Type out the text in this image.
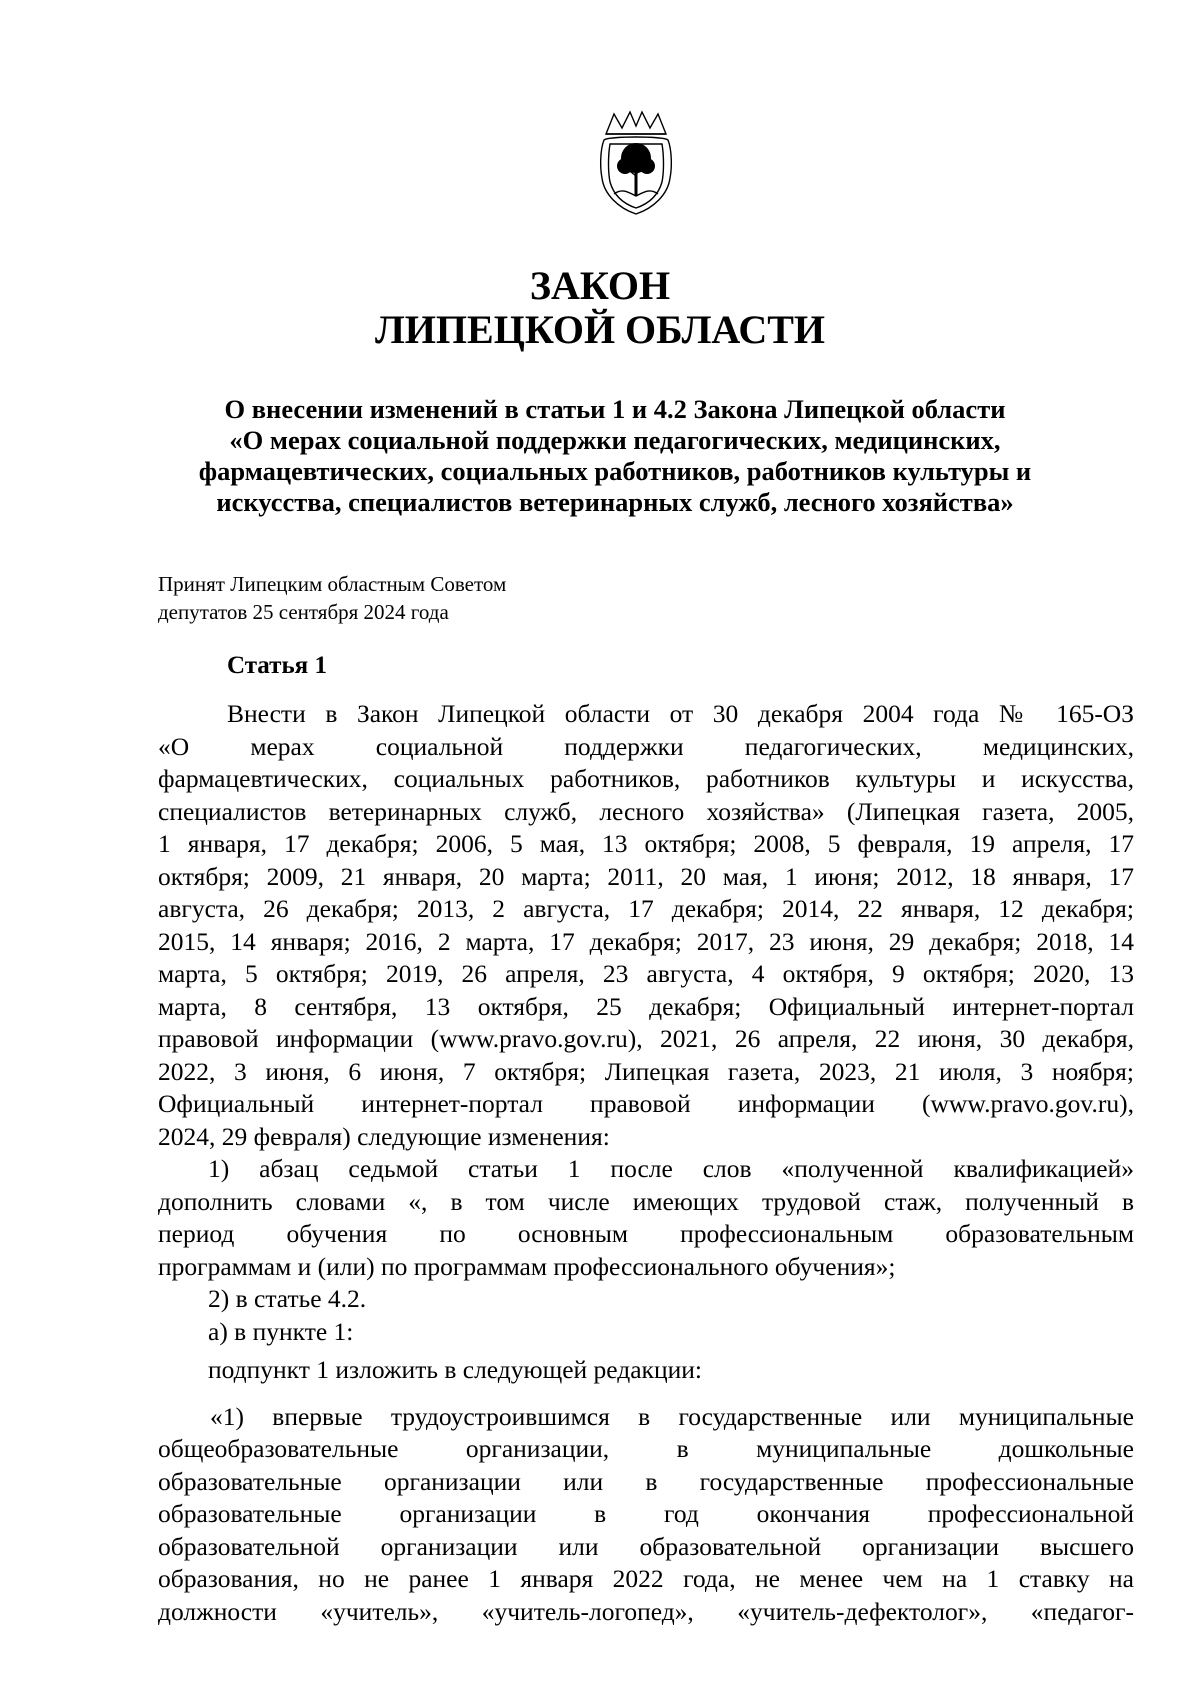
ЗАКОН
ЛИПЕЦКОЙ ОБЛАСТИ
О внесении изменений в статьи 1 и 4.2 Закона Липецкой области
«О мерах социальной поддержки педагогических, медицинских,
фармацевтических, социальных работников, работников культуры и
искусства, специалистов ветеринарных служб, лесного хозяйства»
Принят Липецким областным Советом
депутатов 25 сентября 2024 года
Статья 1
Внести в Закон Липецкой области от 30 декабря 2004 года № 165-ОЗ
«О мерах социальной поддержки педагогических, медицинских,
фармацевтических, социальных работников, работников культуры и искусства,
специалистов ветеринарных служб, лесного хозяйства» (Липецкая газета, 2005,
1 января, 17 декабря; 2006, 5 мая, 13 октября; 2008, 5 февраля, 19 апреля, 17
октября; 2009, 21 января, 20 марта; 2011, 20 мая, 1 июня; 2012, 18 января, 17
августа, 26 декабря; 2013, 2 августа, 17 декабря; 2014, 22 января, 12 декабря;
2015, 14 января; 2016, 2 марта, 17 декабря; 2017, 23 июня, 29 декабря; 2018, 14
марта, 5 октября; 2019, 26 апреля, 23 августа, 4 октября, 9 октября; 2020, 13
марта, 8 сентября, 13 октября, 25 декабря; Официальный интернет-портал
правовой информации (www.pravo.gov.ru), 2021, 26 апреля, 22 июня, 30 декабря,
2022, 3 июня, 6 июня, 7 октября; Липецкая газета, 2023, 21 июля, 3 ноября;
Официальный интернет-портал правовой информации (www.pravo.gov.ru),
2024, 29 февраля) следующие изменения:
1) абзац седьмой статьи 1 после слов «полученной квалификацией»
дополнить словами «, в том числе имеющих трудовой стаж, полученный в
период обучения по основным профессиональным образовательным
программам и (или) по программам профессионального обучения»;
2) в статье 4.2.
а) в пункте 1:
подпункт 1 изложить в следующей редакции:
«1) впервые трудоустроившимся в государственные или муниципальные
общеобразовательные организации, в муниципальные дошкольные
образовательные организации или в государственные профессиональные
образовательные организации в год окончания профессиональной
образовательной организации или образовательной организации высшего
образования, но не ранее 1 января 2022 года, не менее чем на 1 ставку на
должности «учитель», «учитель-логопед», «учитель-дефектолог», «педагог-
